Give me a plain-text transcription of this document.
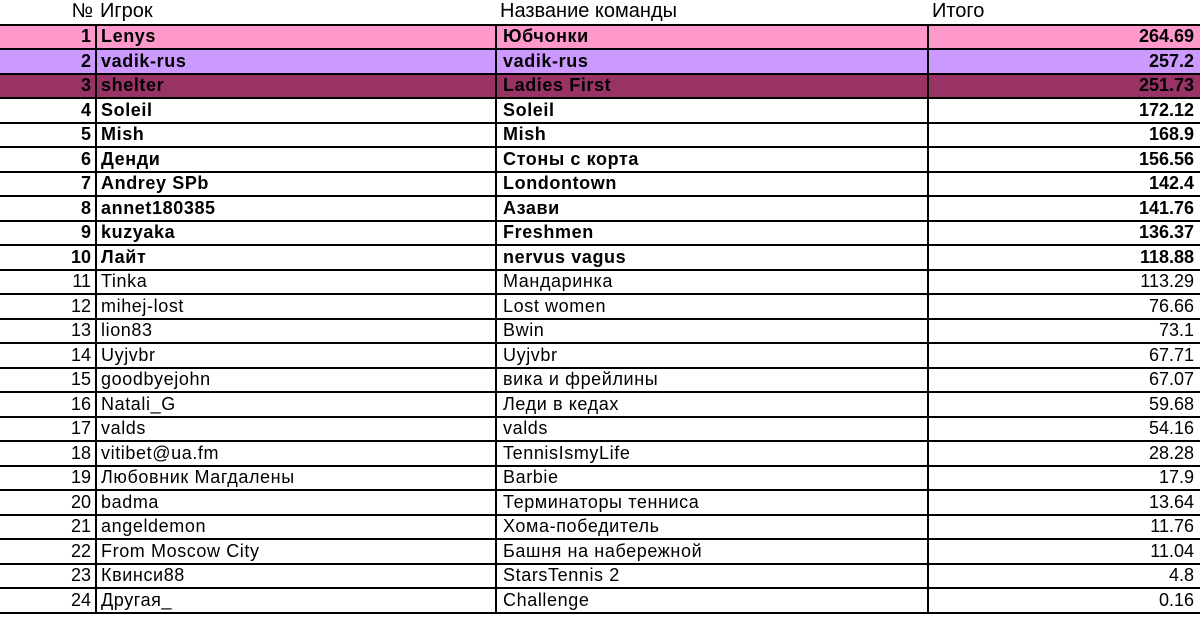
№	Игрок	Название команды	Итого
1	Lenys	Юбчонки	264.69
2	vadik-rus	vadik-rus	257.2
3	shelter	Ladies First	251.73
4	Soleil	Soleil	172.12
5	Mish	Mish	168.9
6	Денди	Стоны с корта	156.56
7	Andrey SPb	Londontown	142.4
8	annet180385	Азави	141.76
9	kuzyaka	Freshmen	136.37
10	Лайт	nervus vagus	118.88
11	Tinka	Мандаринка	113.29
12	mihej-lost	Lost women	76.66
13	lion83	Bwin	73.1
14	Uyjvbr	Uyjvbr	67.71
15	goodbyejohn	вика и фрейлины	67.07
16	Natali_G	Леди в кедах	59.68
17	valds	valds	54.16
18	vitibet@ua.fm	TennisIsmyLife	28.28
19	Любовник Магдалены	Barbie	17.9
20	badma	Терминаторы тенниса	13.64
21	angeldemon	Хома-победитель	11.76
22	From Moscow City	Башня на набережной	11.04
23	Квинси88	StarsTennis 2	4.8
24	Другая_	Challenge	0.16
